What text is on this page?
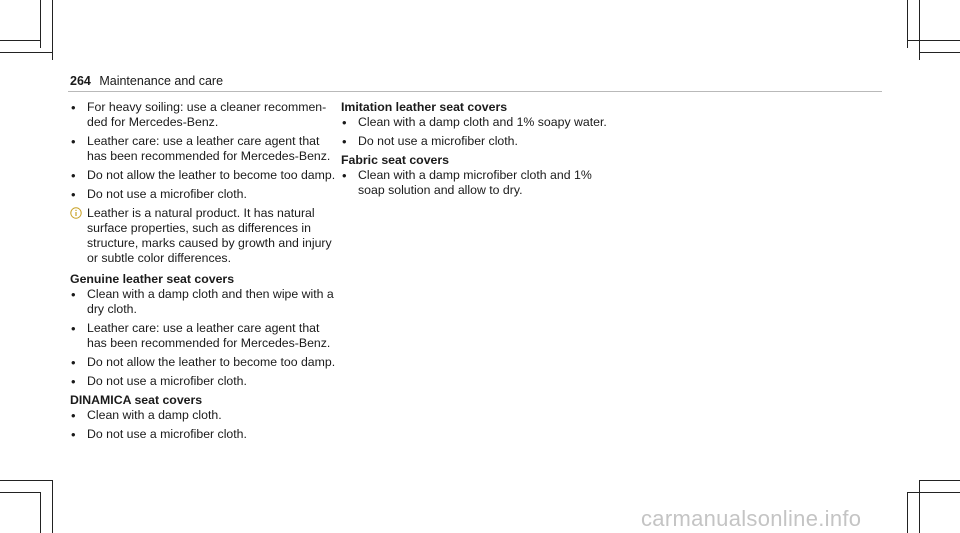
264 Maintenance and care
• For heavy soiling: use a cleaner recommen-ded for Mercedes-Benz.
• Leather care: use a leather care agent that has been recommended for Mercedes-Benz.
• Do not allow the leather to become too damp.
• Do not use a microfiber cloth.
Leather is a natural product. It has natural surface properties, such as differences in structure, marks caused by growth and injury or subtle color differences.
Genuine leather seat covers
• Clean with a damp cloth and then wipe with a dry cloth.
• Leather care: use a leather care agent that has been recommended for Mercedes-Benz.
• Do not allow the leather to become too damp.
• Do not use a microfiber cloth.
DINAMICA seat covers
• Clean with a damp cloth.
• Do not use a microfiber cloth.
Imitation leather seat covers
• Clean with a damp cloth and 1% soapy water.
• Do not use a microfiber cloth.
Fabric seat covers
• Clean with a damp microfiber cloth and 1% soap solution and allow to dry.
carmanualsonline.info
